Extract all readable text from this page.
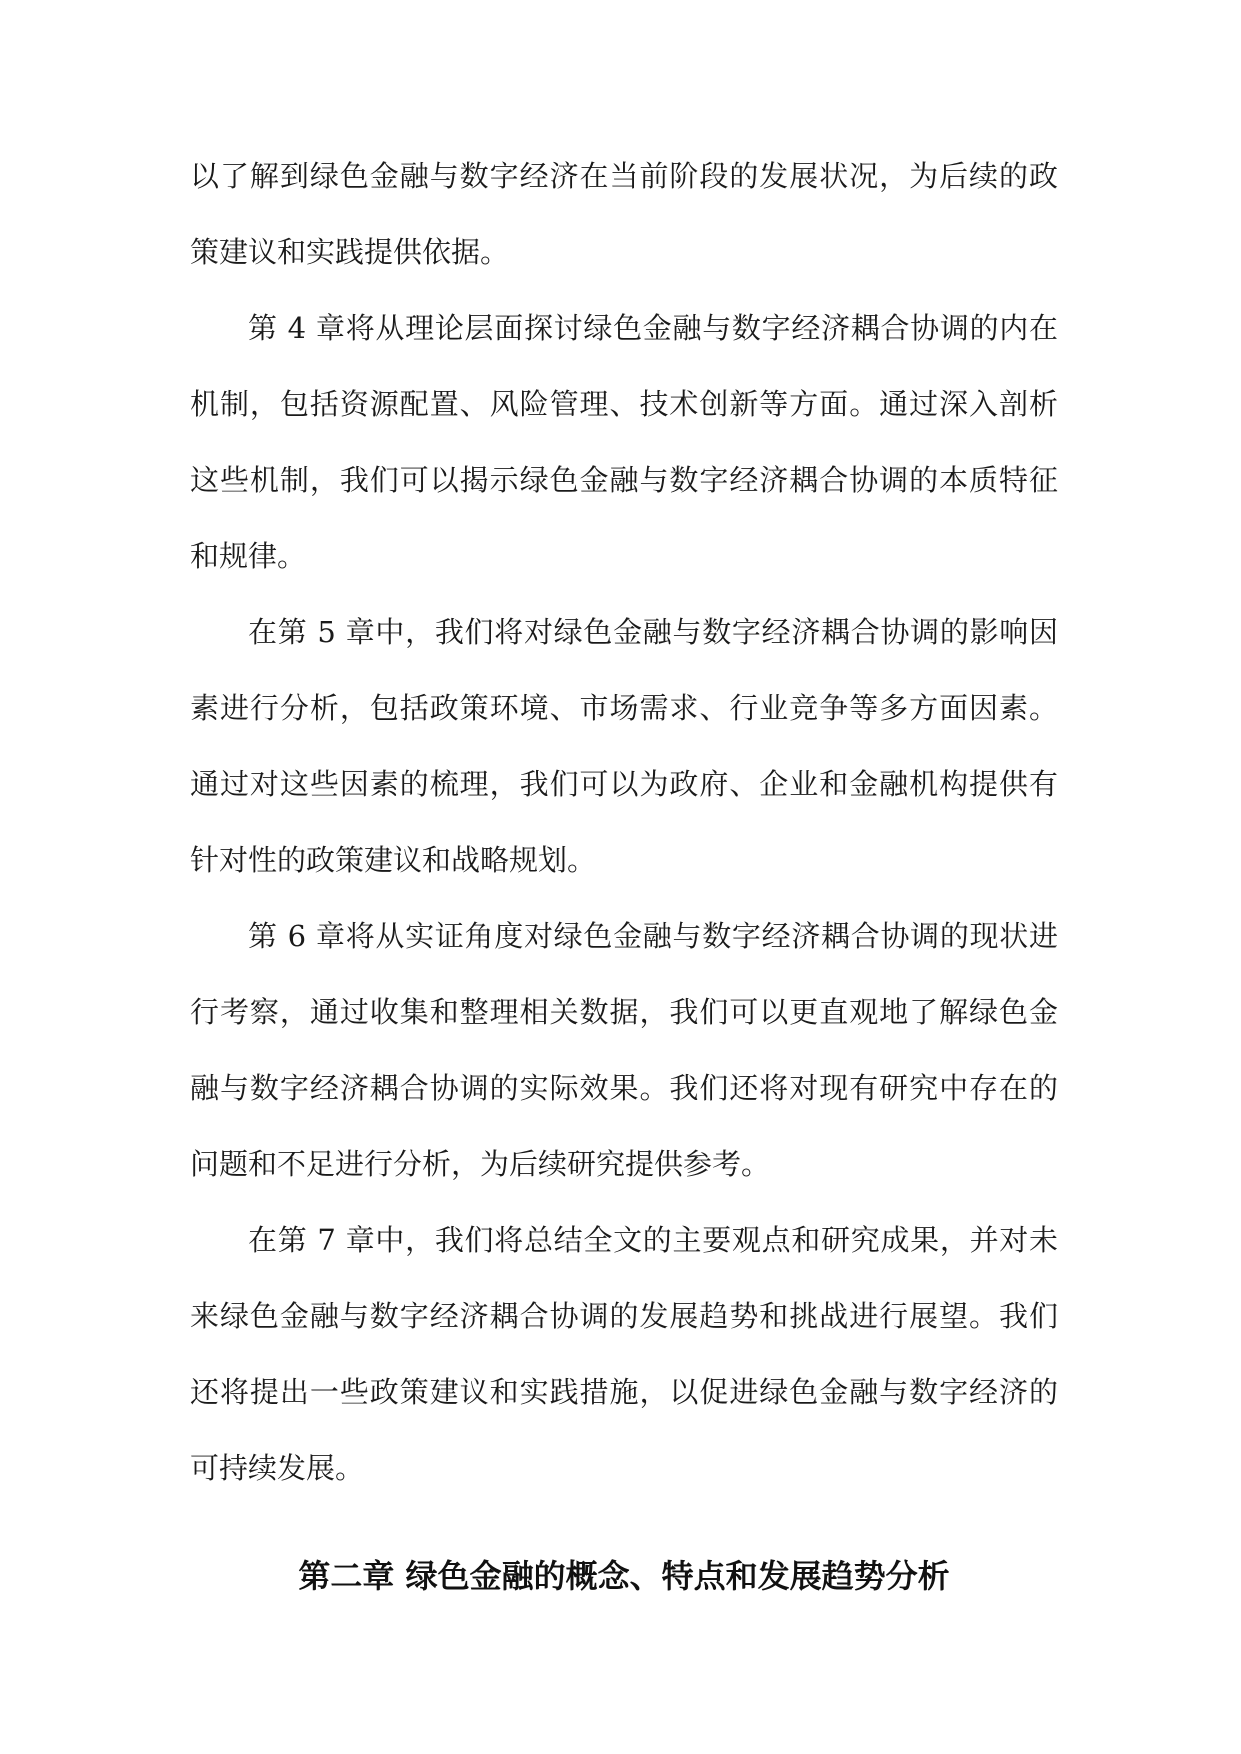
以了解到绿色金融与数字经济在当前阶段的发展状况，为后续的政策建议和实践提供依据。

第 4 章将从理论层面探讨绿色金融与数字经济耦合协调的内在机制，包括资源配置、风险管理、技术创新等方面。通过深入剖析这些机制，我们可以揭示绿色金融与数字经济耦合协调的本质特征和规律。

在第 5 章中，我们将对绿色金融与数字经济耦合协调的影响因素进行分析，包括政策环境、市场需求、行业竞争等多方面因素。通过对这些因素的梳理，我们可以为政府、企业和金融机构提供有针对性的政策建议和战略规划。

第 6 章将从实证角度对绿色金融与数字经济耦合协调的现状进行考察，通过收集和整理相关数据，我们可以更直观地了解绿色金融与数字经济耦合协调的实际效果。我们还将对现有研究中存在的问题和不足进行分析，为后续研究提供参考。

在第 7 章中，我们将总结全文的主要观点和研究成果，并对未来绿色金融与数字经济耦合协调的发展趋势和挑战进行展望。我们还将提出一些政策建议和实践措施，以促进绿色金融与数字经济的可持续发展。

第二章 绿色金融的概念、特点和发展趋势分析
